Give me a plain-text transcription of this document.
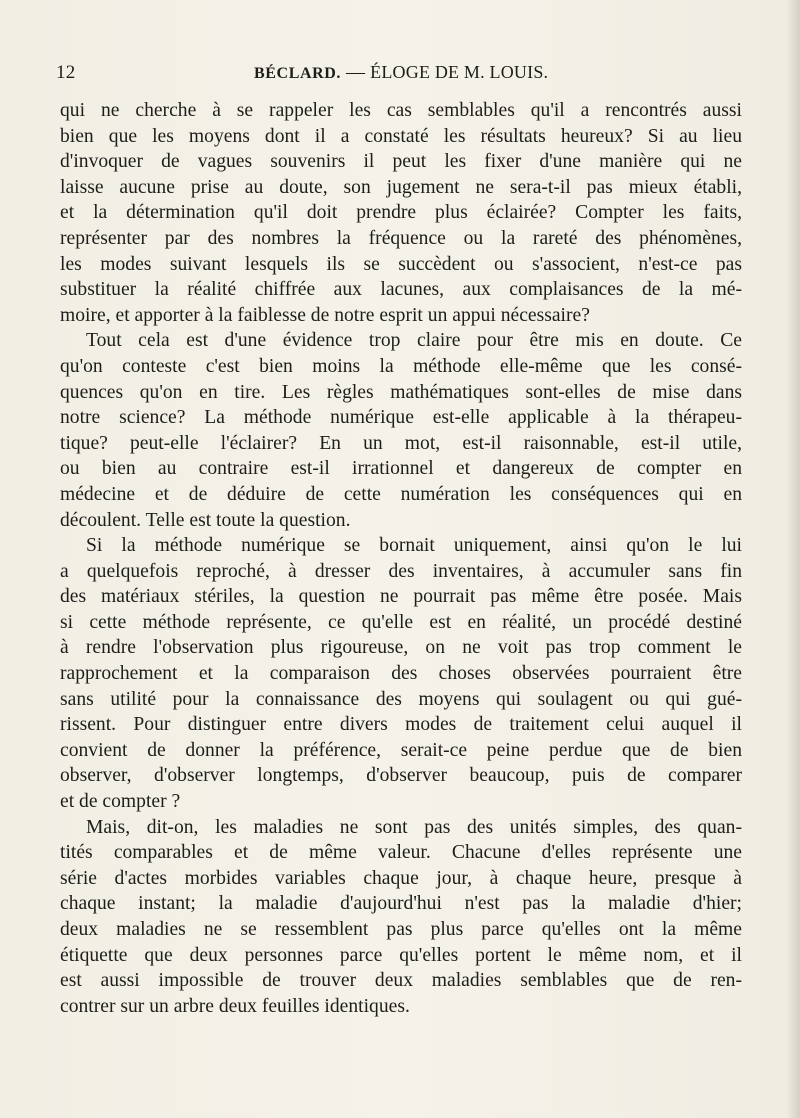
12	BÉCLARD. — ÉLOGE DE M. LOUIS.
qui ne cherche à se rappeler les cas semblables qu'il a rencontrés aussi
bien que les moyens dont il a constaté les résultats heureux? Si au lieu
d'invoquer de vagues souvenirs il peut les fixer d'une manière qui ne
laisse aucune prise au doute, son jugement ne sera-t-il pas mieux établi,
et la détermination qu'il doit prendre plus éclairée? Compter les faits,
représenter par des nombres la fréquence ou la rareté des phénomènes,
les modes suivant lesquels ils se succèdent ou s'associent, n'est-ce pas
substituer la réalité chiffrée aux lacunes, aux complaisances de la mé-
moire, et apporter à la faiblesse de notre esprit un appui nécessaire?
Tout cela est d'une évidence trop claire pour être mis en doute. Ce
qu'on conteste c'est bien moins la méthode elle-même que les consé-
quences qu'on en tire. Les règles mathématiques sont-elles de mise dans
notre science? La méthode numérique est-elle applicable à la thérapeu-
tique? peut-elle l'éclairer? En un mot, est-il raisonnable, est-il utile,
ou bien au contraire est-il irrationnel et dangereux de compter en
médecine et de déduire de cette numération les conséquences qui en
découlent. Telle est toute la question.
Si la méthode numérique se bornait uniquement, ainsi qu'on le lui
a quelquefois reproché, à dresser des inventaires, à accumuler sans fin
des matériaux stériles, la question ne pourrait pas même être posée. Mais
si cette méthode représente, ce qu'elle est en réalité, un procédé destiné
à rendre l'observation plus rigoureuse, on ne voit pas trop comment le
rapprochement et la comparaison des choses observées pourraient être
sans utilité pour la connaissance des moyens qui soulagent ou qui gué-
rissent. Pour distinguer entre divers modes de traitement celui auquel il
convient de donner la préférence, serait-ce peine perdue que de bien
observer, d'observer longtemps, d'observer beaucoup, puis de comparer
et de compter ?
Mais, dit-on, les maladies ne sont pas des unités simples, des quan-
tités comparables et de même valeur. Chacune d'elles représente une
série d'actes morbides variables chaque jour, à chaque heure, presque à
chaque instant; la maladie d'aujourd'hui n'est pas la maladie d'hier;
deux maladies ne se ressemblent pas plus parce qu'elles ont la même
étiquette que deux personnes parce qu'elles portent le même nom, et il
est aussi impossible de trouver deux maladies semblables que de ren-
contrer sur un arbre deux feuilles identiques.
